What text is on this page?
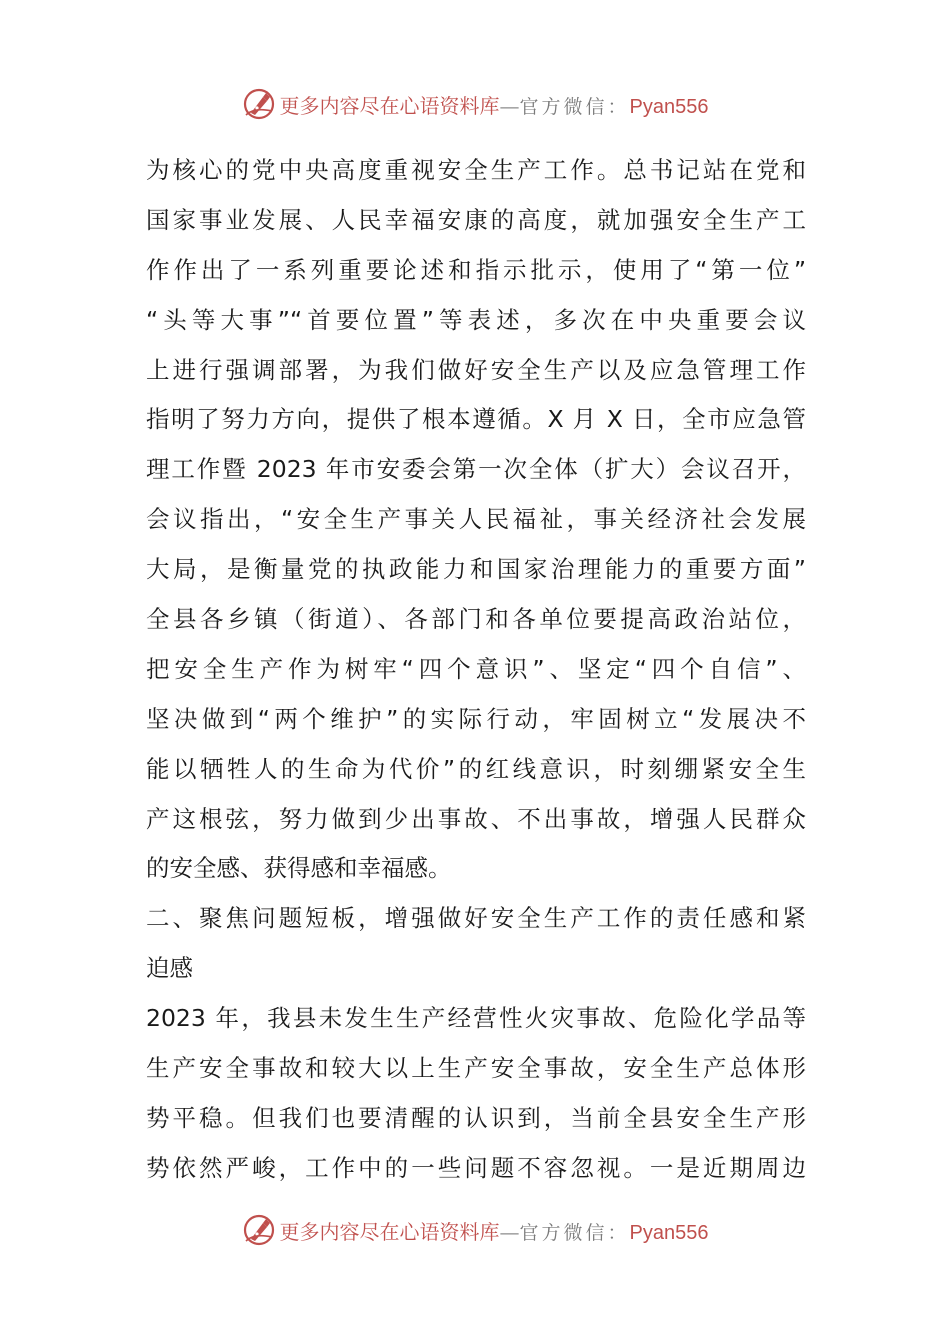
更多内容尽在心语资料库 — 官方微信： Pyan556
为核心的党中央高度重视安全生产工作。总书记站在党和
国家事业发展、人民幸福安康的高度，就加强安全生产工
作作出了一系列重要论述和指示批示，使用了“第一位”
“头等大事”“首要位置”等表述，多次在中央重要会议
上进行强调部署，为我们做好安全生产以及应急管理工作
指明了努力方向，提供了根本遵循。X 月 X 日，全市应急管
理工作暨 2023 年市安委会第一次全体（扩大）会议召开，
会议指出，“安全生产事关人民福祉，事关经济社会发展
大局，是衡量党的执政能力和国家治理能力的重要方面”
全县各乡镇（街道）、各部门和各单位要提高政治站位，
把安全生产作为树牢“四个意识”、坚定“四个自信”、
坚决做到“两个维护”的实际行动，牢固树立“发展决不
能以牺牲人的生命为代价”的红线意识，时刻绷紧安全生
产这根弦，努力做到少出事故、不出事故，增强人民群众
的安全感、获得感和幸福感。
二、聚焦问题短板，增强做好安全生产工作的责任感和紧
迫感
2023 年，我县未发生生产经营性火灾事故、危险化学品等
生产安全事故和较大以上生产安全事故，安全生产总体形
势平稳。但我们也要清醒的认识到，当前全县安全生产形
势依然严峻，工作中的一些问题不容忽视。一是近期周边
更多内容尽在心语资料库 — 官方微信： Pyan556
